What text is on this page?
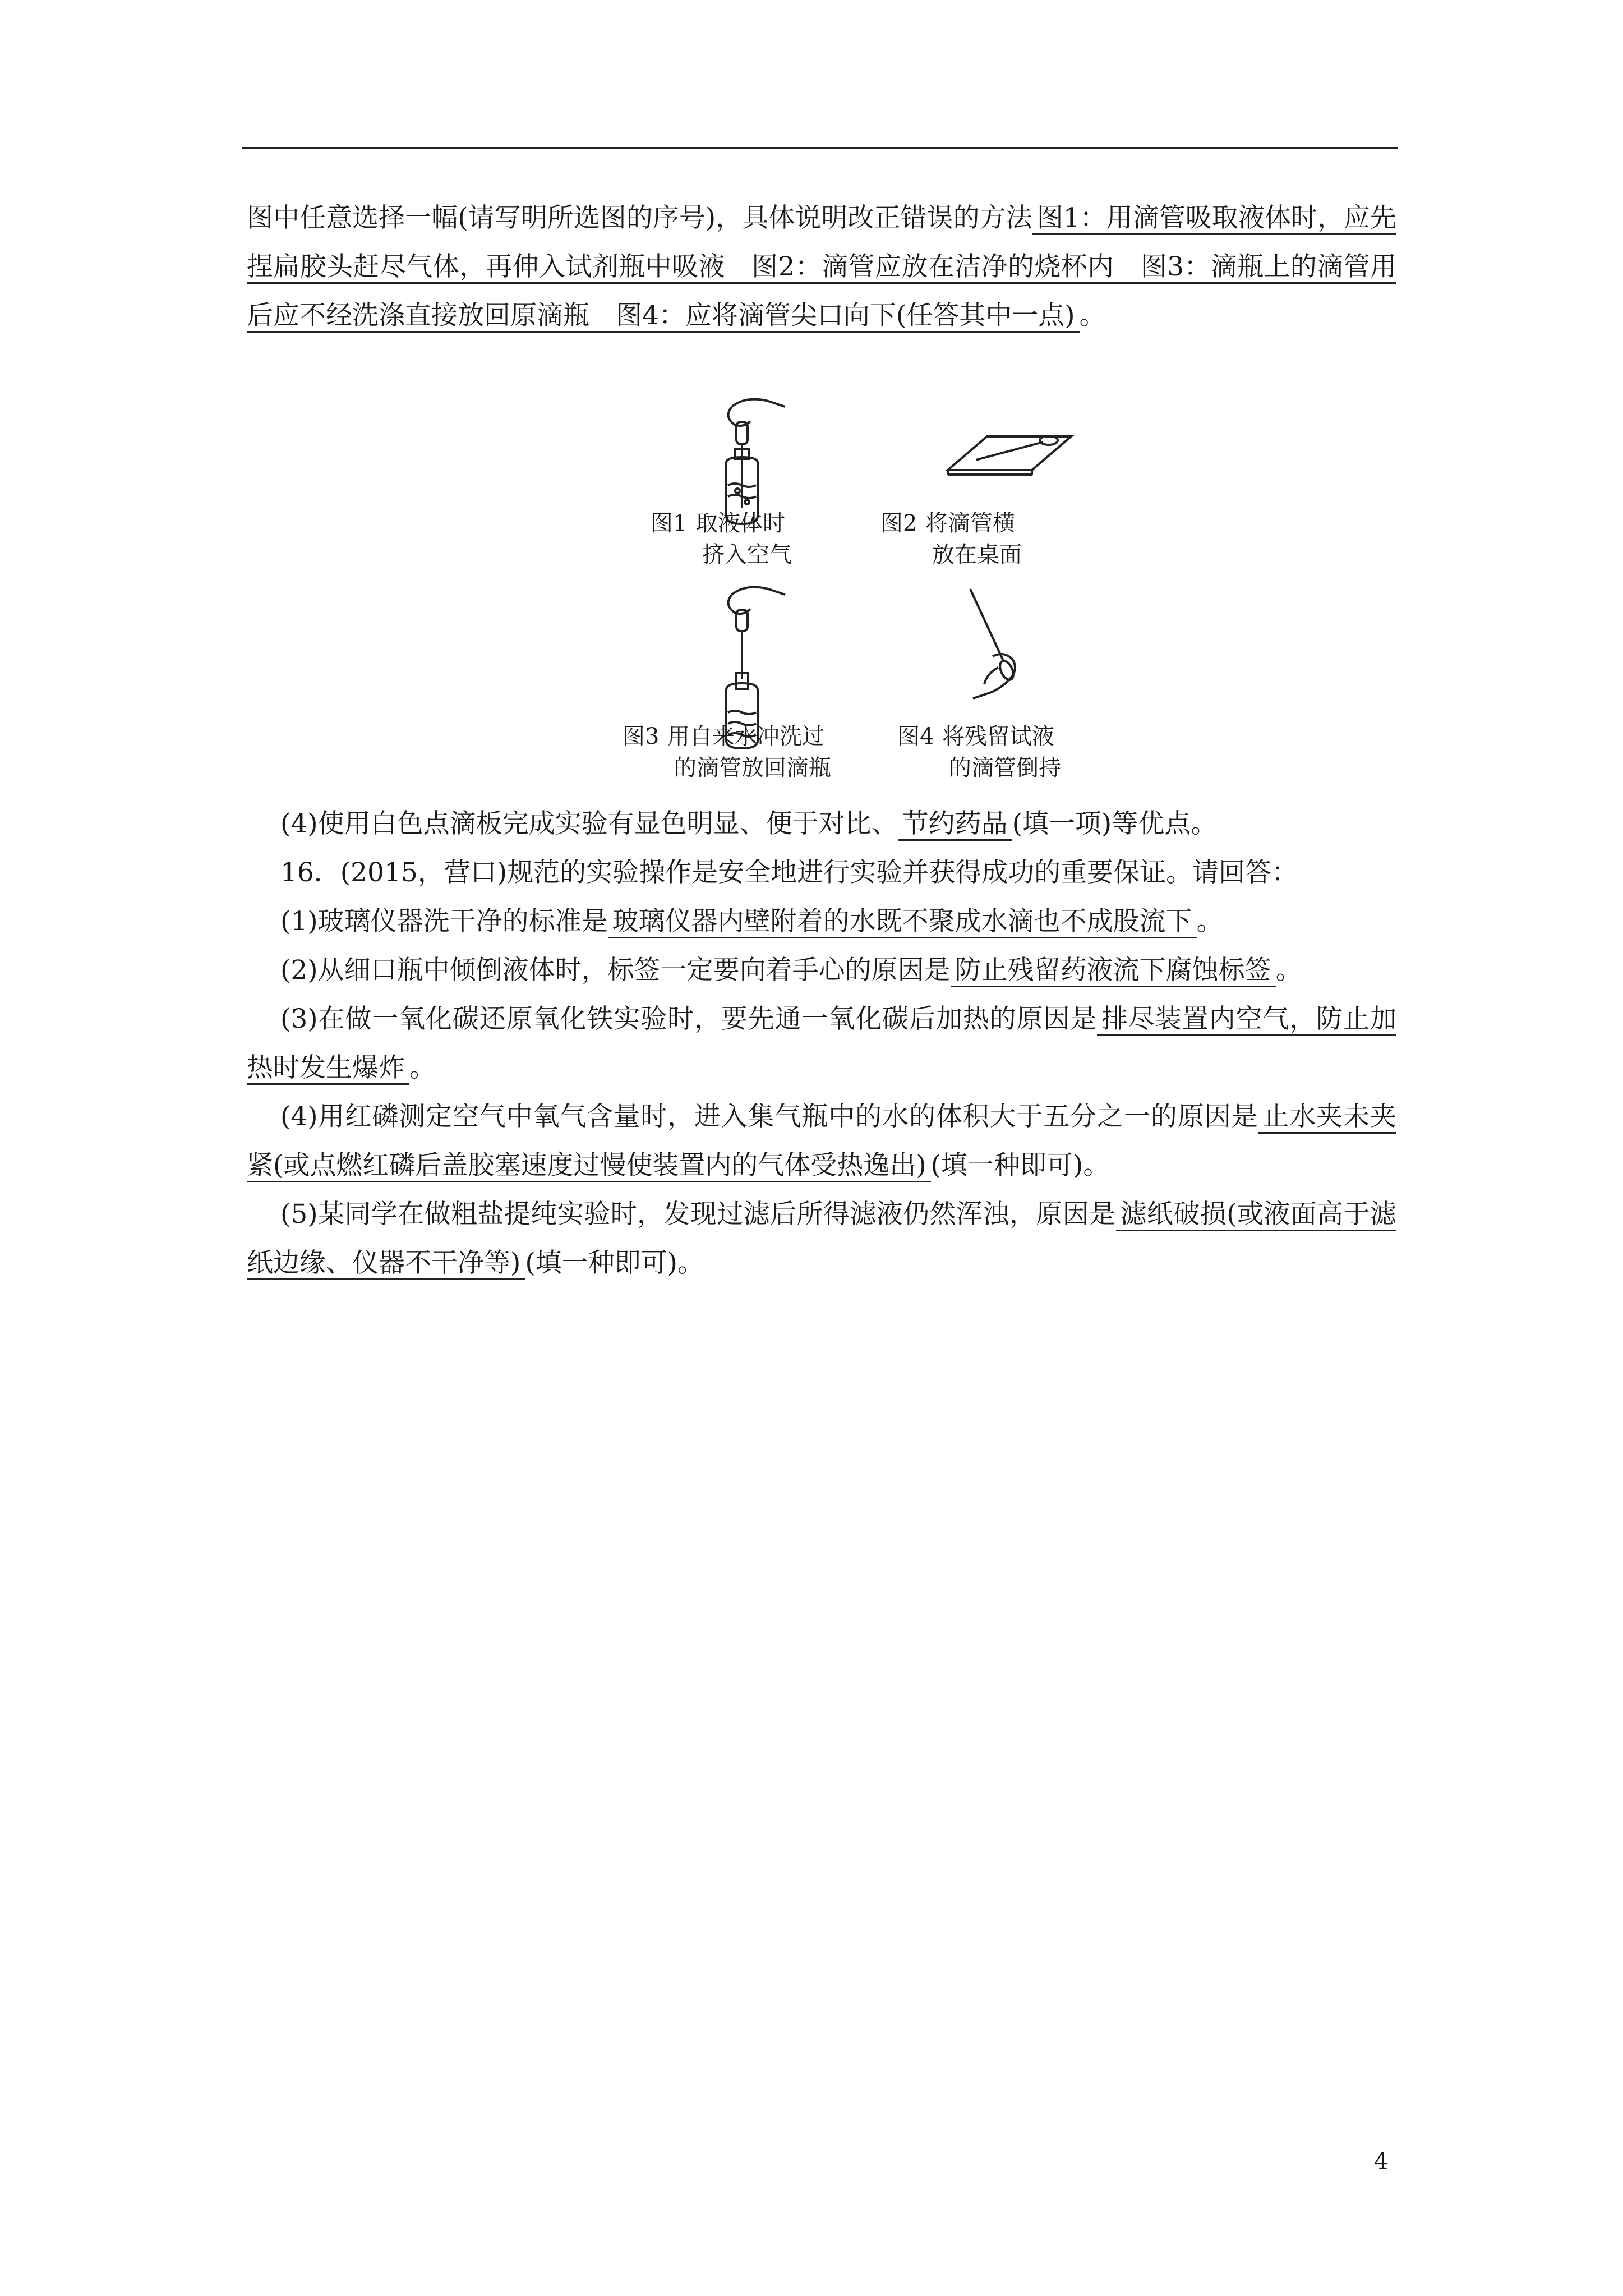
图中任意选择一幅(请写明所选图的序号)，具体说明改正错误的方法 图1：用滴管吸取液体时，应先捏扁胶头赶尽气体，再伸入试剂瓶中吸液　图2：滴管应放在洁净的烧杯内　图3：滴瓶上的滴管用后应不经洗涤直接放回原滴瓶　图4：应将滴管尖口向下(任答其中一点) 。

图1 取液体时
挤入空气
图2 将滴管横
放在桌面
图3 用自来水冲洗过
的滴管放回滴瓶
图4 将残留试液
的滴管倒持

(4)使用白色点滴板完成实验有显色明显、便于对比、 节约药品 (填一项)等优点。

16．(2015，营口)规范的实验操作是安全地进行实验并获得成功的重要保证。请回答：

(1)玻璃仪器洗干净的标准是 玻璃仪器内壁附着的水既不聚成水滴也不成股流下 。

(2)从细口瓶中倾倒液体时，标签一定要向着手心的原因是 防止残留药液流下腐蚀标签 。

(3)在做一氧化碳还原氧化铁实验时，要先通一氧化碳后加热的原因是 排尽装置内空气，防止加热时发生爆炸 。

(4)用红磷测定空气中氧气含量时，进入集气瓶中的水的体积大于五分之一的原因是 止水夹未夹紧(或点燃红磷后盖胶塞速度过慢使装置内的气体受热逸出) (填一种即可)。

(5)某同学在做粗盐提纯实验时，发现过滤后所得滤液仍然浑浊，原因是 滤纸破损(或液面高于滤纸边缘、仪器不干净等) (填一种即可)。

4
